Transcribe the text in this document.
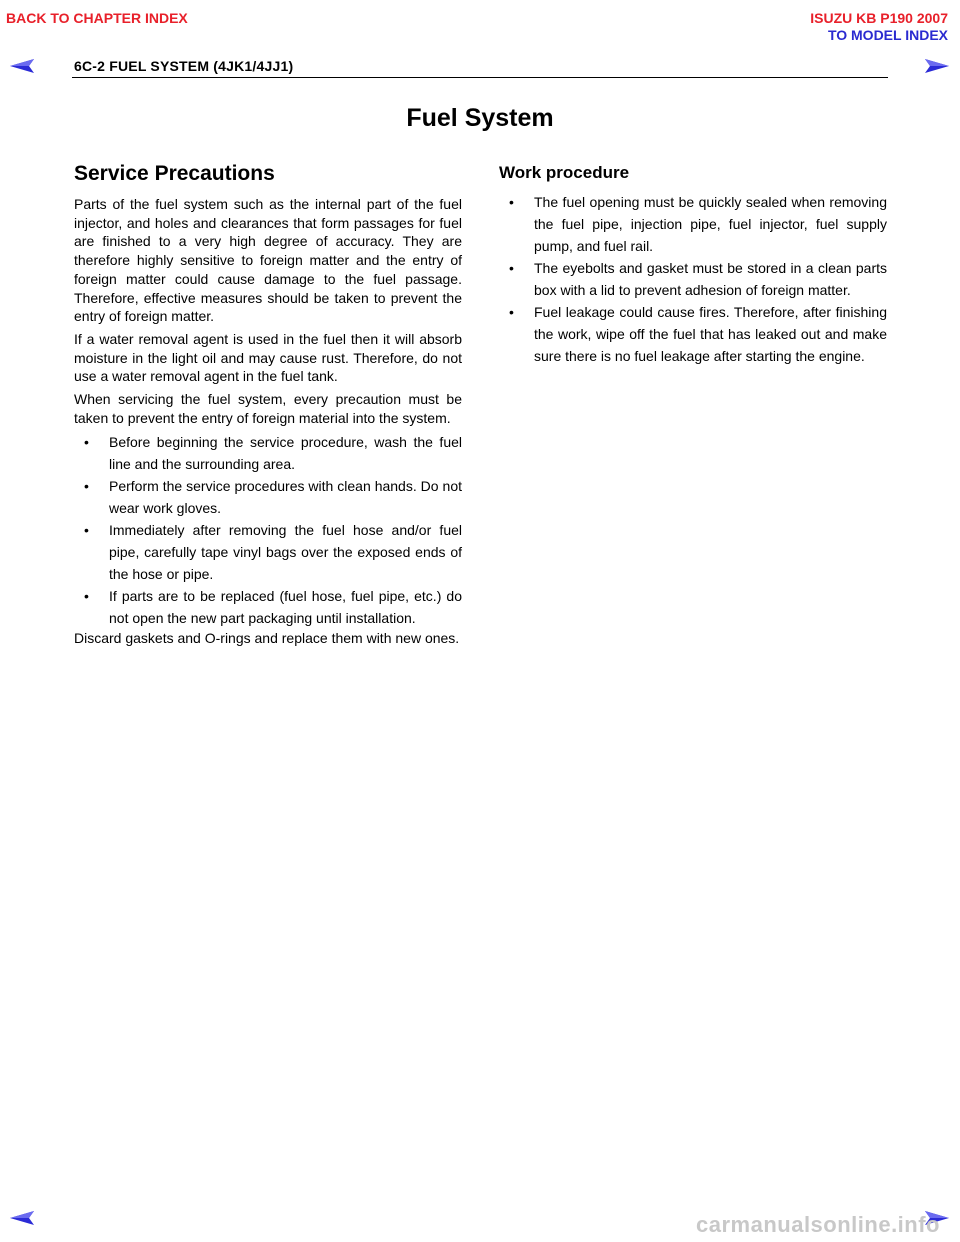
BACK TO CHAPTER INDEX	ISUZU KB P190 2007
TO MODEL INDEX
6C-2 FUEL SYSTEM (4JK1/4JJ1)
Fuel System
Service Precautions

Parts of the fuel system such as the internal part of the fuel injector, and holes and clearances that form passages for fuel are finished to a very high degree of accuracy. They are therefore highly sensitive to foreign matter and the entry of foreign matter could cause damage to the fuel passage. Therefore, effective measures should be taken to prevent the entry of foreign matter.

If a water removal agent is used in the fuel then it will absorb moisture in the light oil and may cause rust. Therefore, do not use a water removal agent in the fuel tank.

When servicing the fuel system, every precaution must be taken to prevent the entry of foreign material into the system.

• Before beginning the service procedure, wash the fuel line and the surrounding area.
• Perform the service procedures with clean hands. Do not wear work gloves.
• Immediately after removing the fuel hose and/or fuel pipe, carefully tape vinyl bags over the exposed ends of the hose or pipe.
• If parts are to be replaced (fuel hose, fuel pipe, etc.) do not open the new part packaging until installation.

Discard gaskets and O-rings and replace them with new ones.

Work procedure
• The fuel opening must be quickly sealed when removing the fuel pipe, injection pipe, fuel injector, fuel supply pump, and fuel rail.
• The eyebolts and gasket must be stored in a clean parts box with a lid to prevent adhesion of foreign matter.
• Fuel leakage could cause fires. Therefore, after finishing the work, wipe off the fuel that has leaked out and make sure there is no fuel leakage after starting the engine.
carmanualsonline.info
